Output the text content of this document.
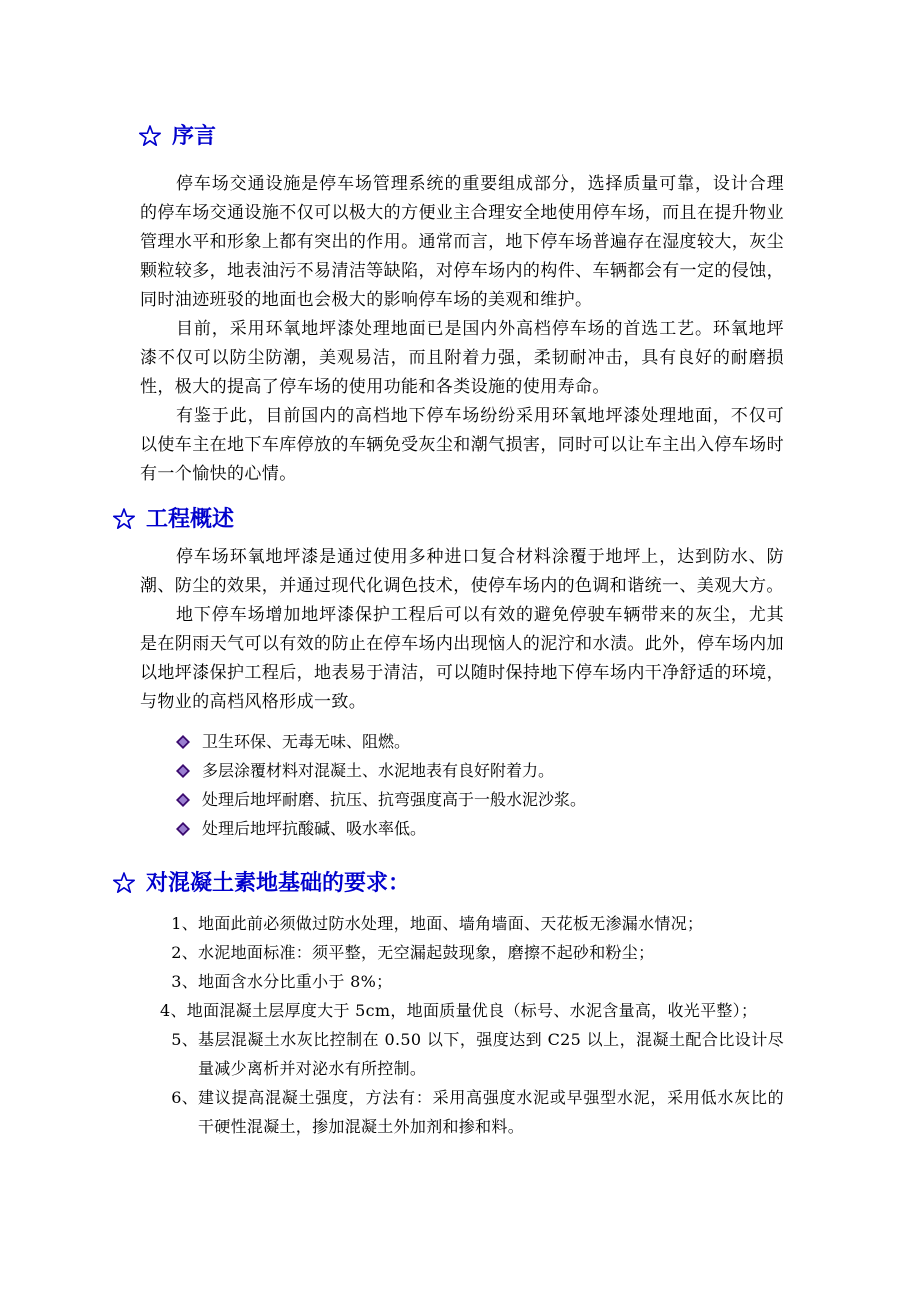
序言

停车场交通设施是停车场管理系统的重要组成部分，选择质量可靠，设计合理的停车场交通设施不仅可以极大的方便业主合理安全地使用停车场，而且在提升物业管理水平和形象上都有突出的作用。通常而言，地下停车场普遍存在湿度较大，灰尘颗粒较多，地表油污不易清洁等缺陷，对停车场内的构件、车辆都会有一定的侵蚀，同时油迹班驳的地面也会极大的影响停车场的美观和维护。

目前，采用环氧地坪漆处理地面已是国内外高档停车场的首选工艺。环氧地坪漆不仅可以防尘防潮，美观易洁，而且附着力强，柔韧耐冲击，具有良好的耐磨损性，极大的提高了停车场的使用功能和各类设施的使用寿命。

有鉴于此，目前国内的高档地下停车场纷纷采用环氧地坪漆处理地面，不仅可以使车主在地下车库停放的车辆免受灰尘和潮气损害，同时可以让车主出入停车场时有一个愉快的心情。

工程概述

停车场环氧地坪漆是通过使用多种进口复合材料涂覆于地坪上，达到防水、防潮、防尘的效果，并通过现代化调色技术，使停车场内的色调和谐统一、美观大方。

地下停车场增加地坪漆保护工程后可以有效的避免停驶车辆带来的灰尘，尤其是在阴雨天气可以有效的防止在停车场内出现恼人的泥泞和水渍。此外，停车场内加以地坪漆保护工程后，地表易于清洁，可以随时保持地下停车场内干净舒适的环境，与物业的高档风格形成一致。

卫生环保、无毒无味、阻燃。
多层涂覆材料对混凝土、水泥地表有良好附着力。
处理后地坪耐磨、抗压、抗弯强度高于一般水泥沙浆。
处理后地坪抗酸碱、吸水率低。
对混凝土素地基础的要求：
1、 地面此前必须做过防水处理，地面、墙角墙面、天花板无渗漏水情况；
2、 水泥地面标准：须平整，无空漏起鼓现象，磨擦不起砂和粉尘；
3、 地面含水分比重小于 8%；
4、地面混凝土层厚度大于 5cm，地面质量优良（标号、水泥含量高，收光平整）；
5、 基层混凝土水灰比控制在 0.50 以下，强度达到 C25 以上，混凝土配合比设计尽量减少离析并对泌水有所控制。
6、 建议提高混凝土强度，方法有：采用高强度水泥或早强型水泥，采用低水灰比的干硬性混凝土，掺加混凝土外加剂和掺和料。
